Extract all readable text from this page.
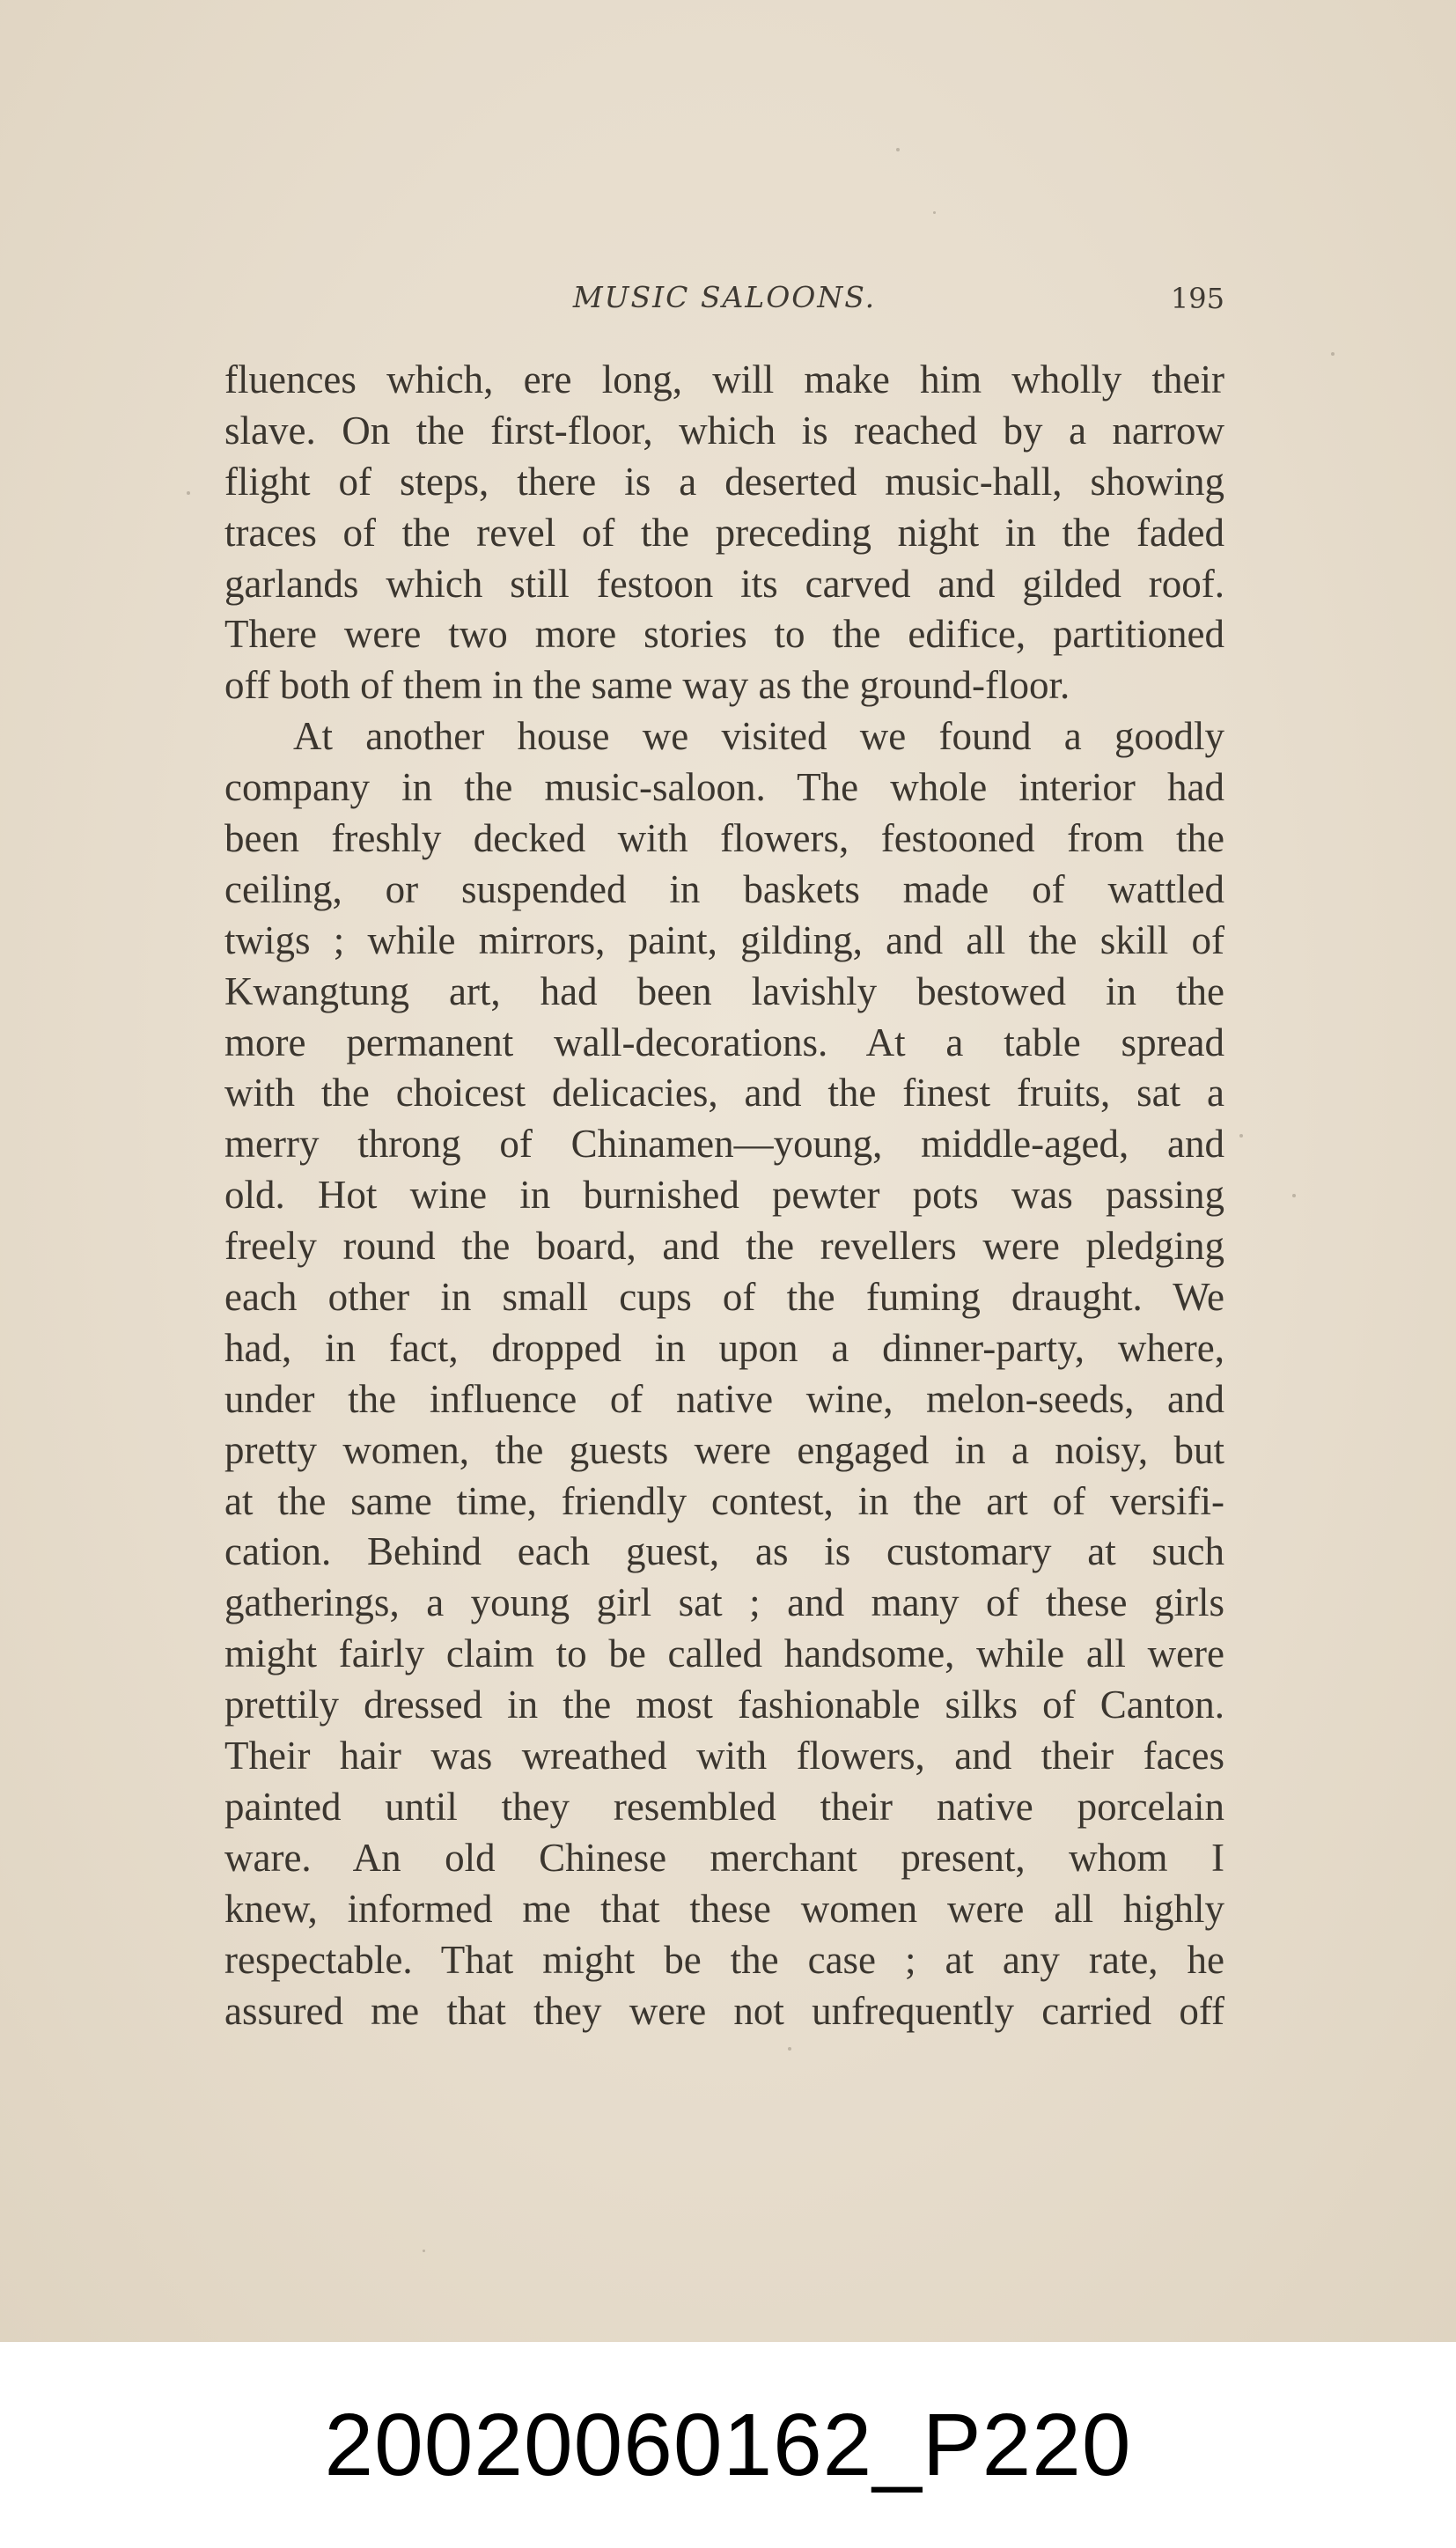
MUSIC SALOONS.	195
fluences which, ere long, will make him wholly their
slave. On the first-floor, which is reached by a narrow
flight of steps, there is a deserted music-hall, showing
traces of the revel of the preceding night in the faded
garlands which still festoon its carved and gilded roof.
There were two more stories to the edifice, partitioned
off both of them in the same way as the ground-floor.
At another house we visited we found a goodly
company in the music-saloon. The whole interior had
been freshly decked with flowers, festooned from the
ceiling, or suspended in baskets made of wattled
twigs ; while mirrors, paint, gilding, and all the skill of
Kwangtung art, had been lavishly bestowed in the
more permanent wall-decorations. At a table spread
with the choicest delicacies, and the finest fruits, sat a
merry throng of Chinamen—young, middle-aged, and
old. Hot wine in burnished pewter pots was passing
freely round the board, and the revellers were pledging
each other in small cups of the fuming draught. We
had, in fact, dropped in upon a dinner-party, where,
under the influence of native wine, melon-seeds, and
pretty women, the guests were engaged in a noisy, but
at the same time, friendly contest, in the art of versifi-
cation. Behind each guest, as is customary at such
gatherings, a young girl sat ; and many of these girls
might fairly claim to be called handsome, while all were
prettily dressed in the most fashionable silks of Canton.
Their hair was wreathed with flowers, and their faces
painted until they resembled their native porcelain
ware. An old Chinese merchant present, whom I
knew, informed me that these women were all highly
respectable. That might be the case ; at any rate, he
assured me that they were not unfrequently carried off
20020060162_P220
